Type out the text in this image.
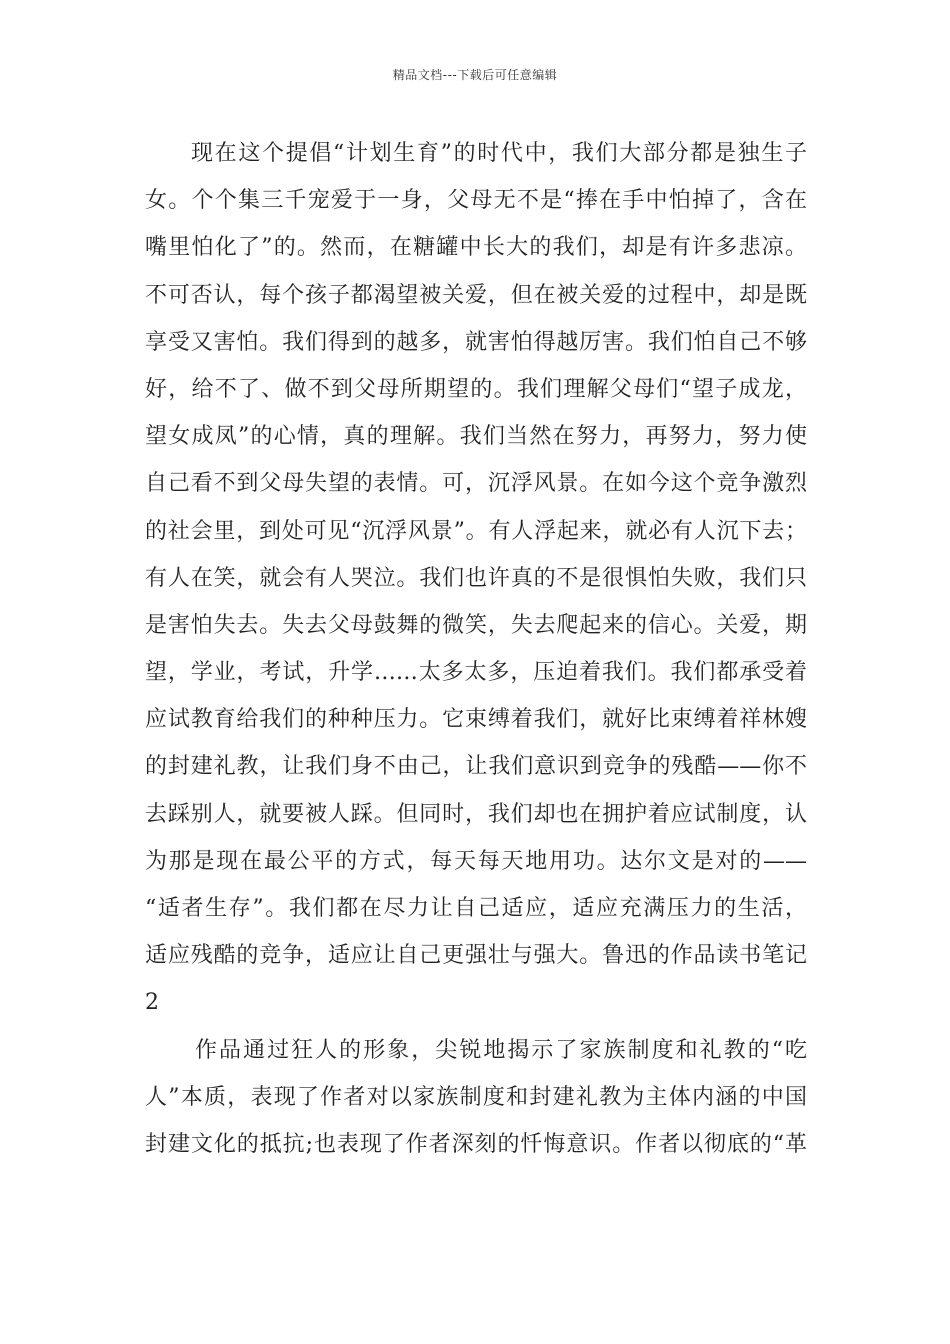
精品文档---下载后可任意编辑
现在这个提倡“计划生育”的时代中，我们大部分都是独生子
女。个个集三千宠爱于一身，父母无不是“捧在手中怕掉了，含在
嘴里怕化了”的。然而，在糖罐中长大的我们，却是有许多悲凉。
不可否认，每个孩子都渴望被关爱，但在被关爱的过程中，却是既
享受又害怕。我们得到的越多，就害怕得越厉害。我们怕自己不够
好，给不了、做不到父母所期望的。我们理解父母们“望子成龙，
望女成凤”的心情，真的理解。我们当然在努力，再努力，努力使
自己看不到父母失望的表情。可，沉浮风景。在如今这个竞争激烈
的社会里，到处可见“沉浮风景”。有人浮起来，就必有人沉下去；
有人在笑，就会有人哭泣。我们也许真的不是很惧怕失败，我们只
是害怕失去。失去父母鼓舞的微笑，失去爬起来的信心。关爱，期
望，学业，考试，升学……太多太多，压迫着我们。我们都承受着
应试教育给我们的种种压力。它束缚着我们，就好比束缚着祥林嫂
的封建礼教，让我们身不由己，让我们意识到竞争的残酷——你不
去踩别人，就要被人踩。但同时，我们却也在拥护着应试制度，认
为那是现在最公平的方式，每天每天地用功。达尔文是对的——
“适者生存”。我们都在尽力让自己适应，适应充满压力的生活，
适应残酷的竞争，适应让自己更强壮与强大。鲁迅的作品读书笔记
2
作品通过狂人的形象，尖锐地揭示了家族制度和礼教的“吃
人”本质，表现了作者对以家族制度和封建礼教为主体内涵的中国
封建文化的抵抗;也表现了作者深刻的忏悔意识。作者以彻底的“革
